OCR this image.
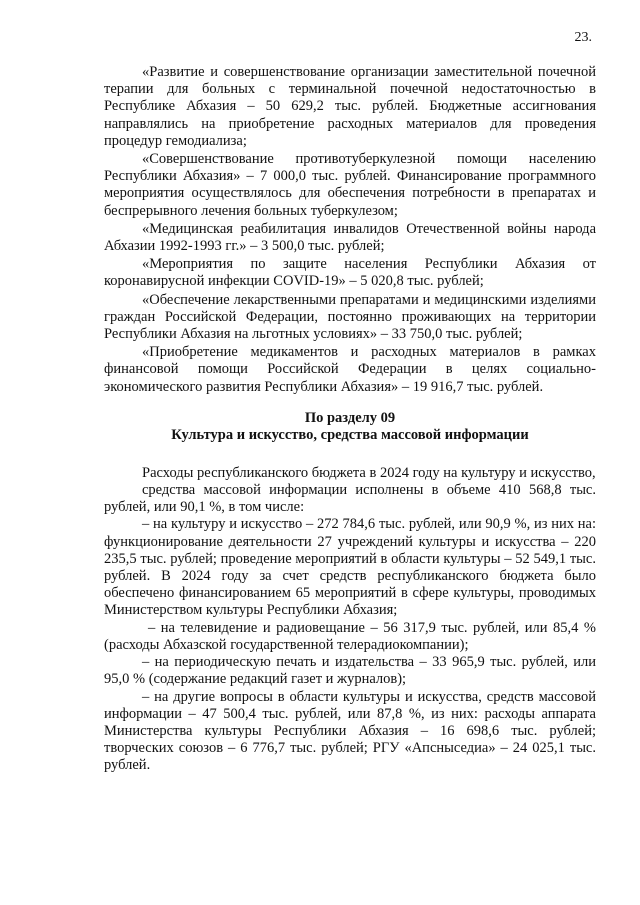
23.

«Развитие и совершенствование организации заместительной почечной терапии для больных с терминальной почечной недостаточностью в Республике Абхазия – 50 629,2 тыс. рублей. Бюджетные ассигнования направлялись на приобретение расходных материалов для проведения процедур гемодиализа;

«Совершенствование противотуберкулезной помощи населению Республики Абхазия» – 7 000,0 тыс. рублей. Финансирование программного мероприятия осуществлялось для обеспечения потребности в препаратах и беспрерывного лечения больных туберкулезом;

«Медицинская реабилитация инвалидов Отечественной войны народа Абхазии 1992-1993 гг.» – 3 500,0 тыс. рублей;

«Мероприятия по защите населения Республики Абхазия от коронавирусной инфекции COVID-19» – 5 020,8 тыс. рублей;

«Обеспечение лекарственными препаратами и медицинскими изделиями граждан Российской Федерации, постоянно проживающих на территории Республики Абхазия на льготных условиях» – 33 750,0 тыс. рублей;

«Приобретение медикаментов и расходных материалов в рамках финансовой помощи Российской Федерации в целях социально-экономического развития Республики Абхазия» – 19 916,7 тыс. рублей.

По разделу 09

Культура и искусство, средства массовой информации

Расходы республиканского бюджета в 2024 году на культуру и искусство,

средства массовой информации исполнены в объеме 410 568,8 тыс. рублей, или 90,1 %, в том числе:

– на культуру и искусство – 272 784,6 тыс. рублей, или 90,9 %, из них на: функционирование деятельности 27 учреждений культуры и искусства – 220 235,5 тыс. рублей; проведение мероприятий в области культуры – 52 549,1 тыс. рублей. В 2024 году за счет средств республиканского бюджета было обеспечено финансированием 65 мероприятий в сфере культуры, проводимых Министерством культуры Республики Абхазия;

– на телевидение и радиовещание – 56 317,9 тыс. рублей, или 85,4 % (расходы Абхазской государственной телерадиокомпании);

– на периодическую печать и издательства – 33 965,9 тыс. рублей, или 95,0 % (содержание редакций газет и журналов);

– на другие вопросы в области культуры и искусства, средств массовой информации – 47 500,4 тыс. рублей, или 87,8 %, из них: расходы аппарата Министерства культуры Республики Абхазия – 16 698,6 тыс. рублей; творческих союзов – 6 776,7 тыс. рублей; РГУ «Апсныседиа» – 24 025,1 тыс. рублей.
